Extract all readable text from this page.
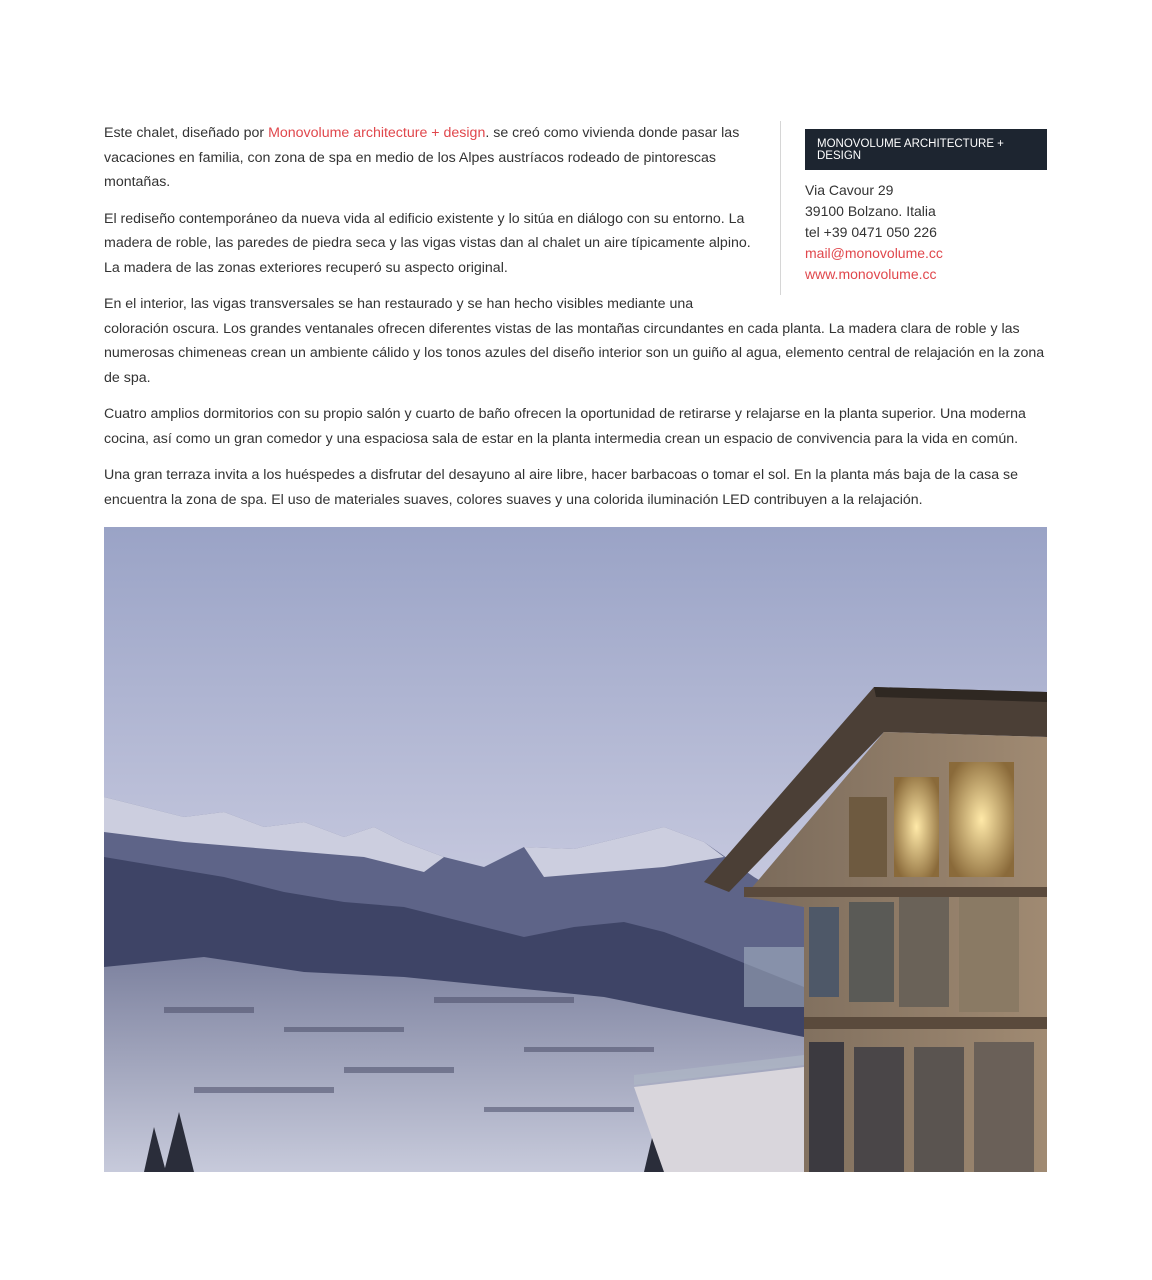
MONOVOLUME ARCHITECTURE + DESIGN
Via Cavour 29
39100 Bolzano. Italia
tel +39 0471 050 226
mail@monovolume.cc
www.monovolume.cc

Este chalet, diseñado por Monovolume architecture + design. se creó como vivienda donde pasar las vacaciones en familia, con zona de spa en medio de los Alpes austríacos rodeado de pintorescas montañas.

El rediseño contemporáneo da nueva vida al edificio existente y lo sitúa en diálogo con su entorno. La madera de roble, las paredes de piedra seca y las vigas vistas dan al chalet un aire típicamente alpino. La madera de las zonas exteriores recuperó su aspecto original.

En el interior, las vigas transversales se han restaurado y se han hecho visibles mediante una coloración oscura. Los grandes ventanales ofrecen diferentes vistas de las montañas circundantes en cada planta. La madera clara de roble y las numerosas chimeneas crean un ambiente cálido y los tonos azules del diseño interior son un guiño al agua, elemento central de relajación en la zona de spa.

Cuatro amplios dormitorios con su propio salón y cuarto de baño ofrecen la oportunidad de retirarse y relajarse en la planta superior. Una moderna cocina, así como un gran comedor y una espaciosa sala de estar en la planta intermedia crean un espacio de convivencia para la vida en común.

Una gran terraza invita a los huéspedes a disfrutar del desayuno al aire libre, hacer barbacoas o tomar el sol. En la planta más baja de la casa se encuentra la zona de spa. El uso de materiales suaves, colores suaves y una colorida iluminación LED contribuyen a la relajación.
